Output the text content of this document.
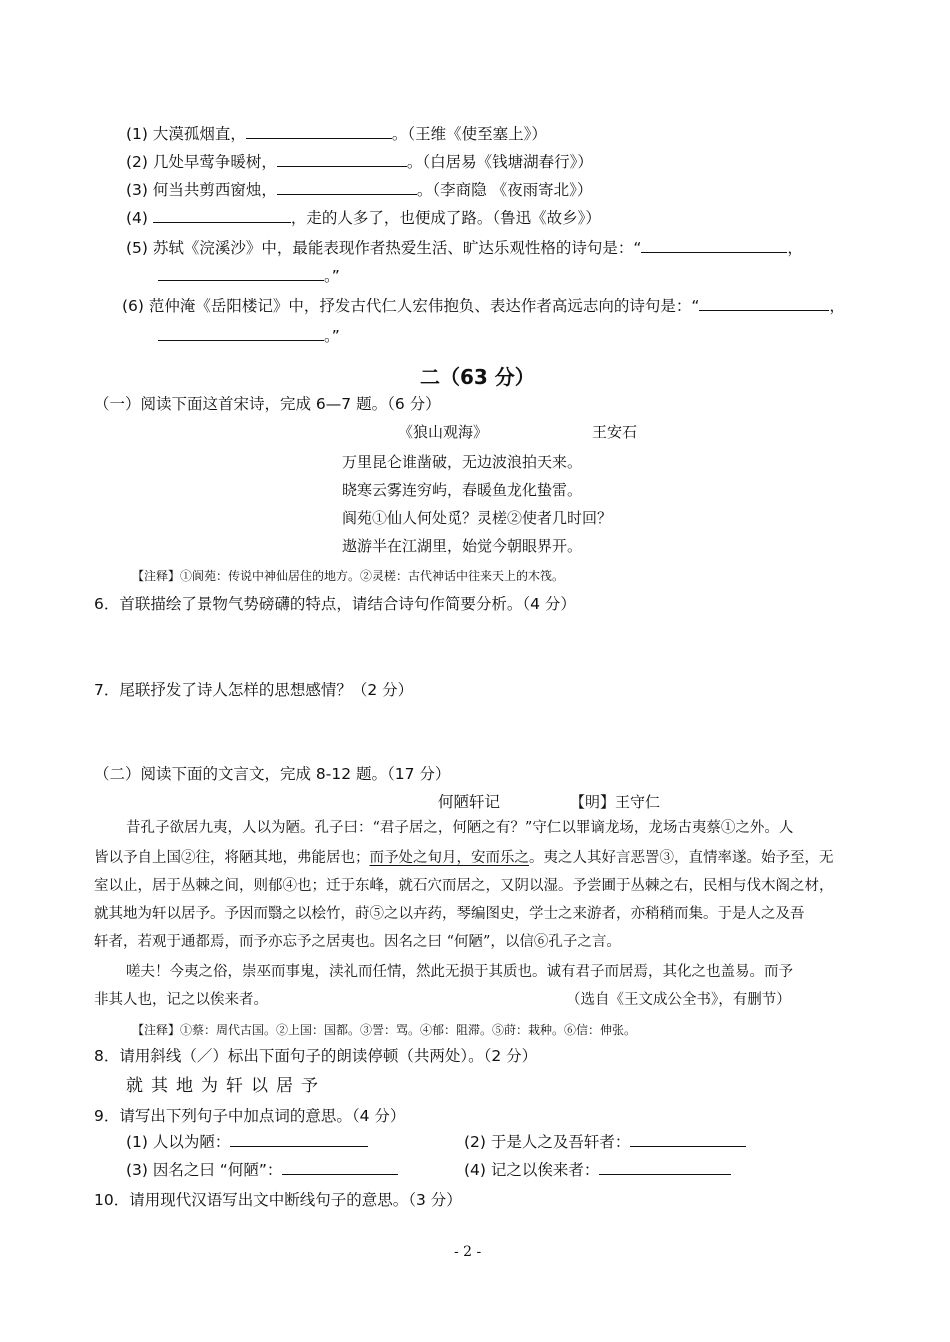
(1) 大漠孤烟直，	。（王维《使至塞上》）
(2) 几处早莺争暖树，	。（白居易《钱塘湖春行》）
(3) 何当共剪西窗烛，	。（李商隐 《夜雨寄北》）
(4)	，走的人多了，也便成了路。（鲁迅《故乡》）
(5) 苏轼《浣溪沙》中，最能表现作者热爱生活、旷达乐观性格的诗句是：“	，
。”
(6) 范仲淹《岳阳楼记》中，抒发古代仁人宏伟抱负、表达作者高远志向的诗句是：“	，
。”
二（63 分）
（一）阅读下面这首宋诗，完成 6—7 题。（6 分）
《狼山观海》	王安石
万里昆仑谁凿破，无边波浪拍天来。
晓寒云雾连穷屿，春暖鱼龙化蛰雷。
阆苑①仙人何处觅？灵槎②使者几时回？
遨游半在江湖里，始觉今朝眼界开。
【注释】①阆苑：传说中神仙居住的地方。②灵槎：古代神话中往来天上的木筏。
6．首联描绘了景物气势磅礴的特点，请结合诗句作简要分析。（4 分）
7．尾联抒发了诗人怎样的思想感情？（2 分）
（二）阅读下面的文言文，完成 8-12 题。（17 分）
何陋轩记	【明】王守仁
昔孔子欲居九夷，人以为陋。孔子曰：“君子居之，何陋之有？”守仁以罪谪龙场，龙场古夷蔡①之外。人
皆以予自上国②往，将陋其地，弗能居也；而予处之旬月，安而乐之。夷之人其好言恶詈③，直情率遂。始予至，无
室以止，居于丛棘之间，则郁④也；迁于东峰，就石穴而居之，又阴以湿。予尝圃于丛棘之右，民相与伐木阁之材，
就其地为轩以居予。予因而翳之以桧竹，莳⑤之以卉药，琴编图史，学士之来游者，亦稍稍而集。于是人之及吾
轩者，若观于通都焉，而予亦忘予之居夷也。因名之曰 “何陋”，以信⑥孔子之言。
嗟夫！今夷之俗，崇巫而事鬼，渎礼而任情，然此无损于其质也。诚有君子而居焉，其化之也盖易。而予
非其人也，记之以俟来者。	（选自《王文成公全书》，有删节）
【注释】①蔡：周代古国。②上国：国都。③詈：骂。④郁：阻滞。⑤莳：栽种。⑥信：伸张。
8．请用斜线（／）标出下面句子的朗读停顿（共两处）。（2 分）
就其地为轩以居予
9．请写出下列句子中加点词的意思。（4 分）
(1) 人以为陋：	(2) 于是人之及吾轩者：
(3) 因名之曰 “何陋”：	(4) 记之以俟来者：
10．请用现代汉语写出文中断线句子的意思。（3 分）
- 2 -
